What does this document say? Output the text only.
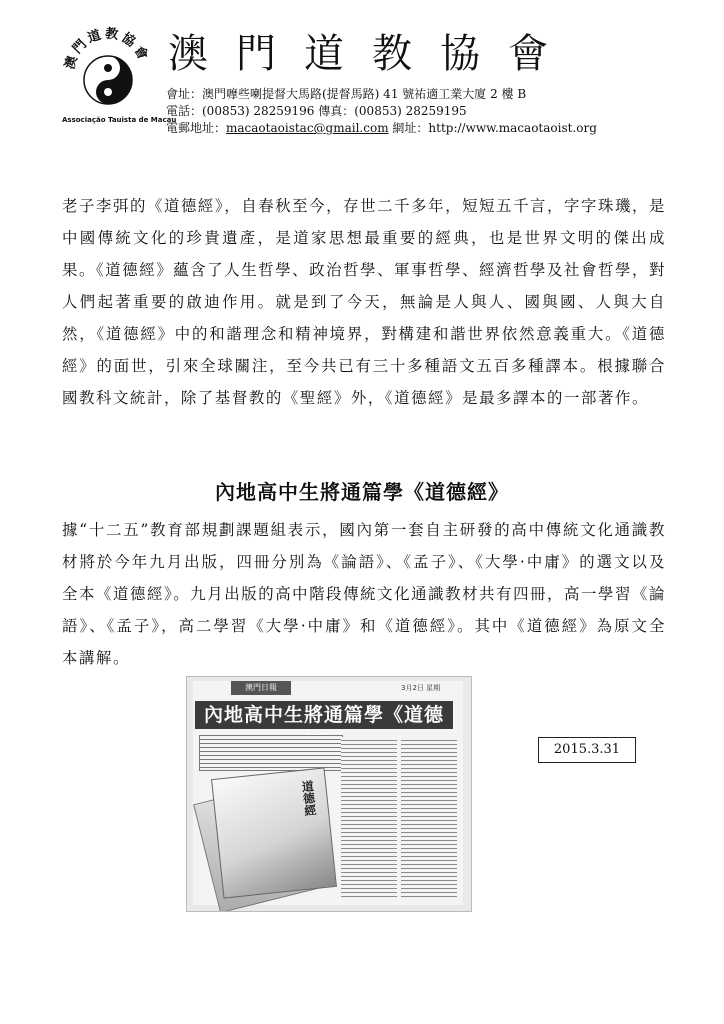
澳門道教協會
Associação Tauista de Macau
澳門道教協會
會址：澳門嚤些喇提督大馬路(提督馬路) 41 號祐適工業大廈 2 樓 B
電話：(00853) 28259196 傳真：(00853) 28259195
電郵地址：macaotaoistac@gmail.com 網址：http://www.macaotaoist.org
老子李弭的《道德經》，自春秋至今，存世二千多年，短短五千言，字字珠璣，是中國傳統文化的珍貴遺產，是道家思想最重要的經典，也是世界文明的傑出成果。《道德經》蘊含了人生哲學、政治哲學、軍事哲學、經濟哲學及社會哲學，對人們起著重要的啟迪作用。就是到了今天，無論是人與人、國與國、人與大自然，《道德經》中的和諧理念和精神境界，對構建和諧世界依然意義重大。《道德經》的面世，引來全球關注，至今共已有三十多種語文五百多種譯本。根據聯合國教科文統計，除了基督教的《聖經》外，《道德經》是最多譯本的一部著作。
內地高中生將通篇學《道德經》
據“十二五”教育部規劃課題組表示，國內第一套自主研發的高中傳統文化通識教材將於今年九月出版，四冊分別為《論語》、《孟子》、《大學·中庸》的選文以及全本《道德經》。九月出版的高中階段傳統文化通識教材共有四冊，高一學習《論語》、《孟子》，高二學習《大學·中庸》和《道德經》。其中《道德經》為原文全本講解。
澳門日報	3月2日 星期
內地高中生將通篇學《道德
道德經
2015.3.31
